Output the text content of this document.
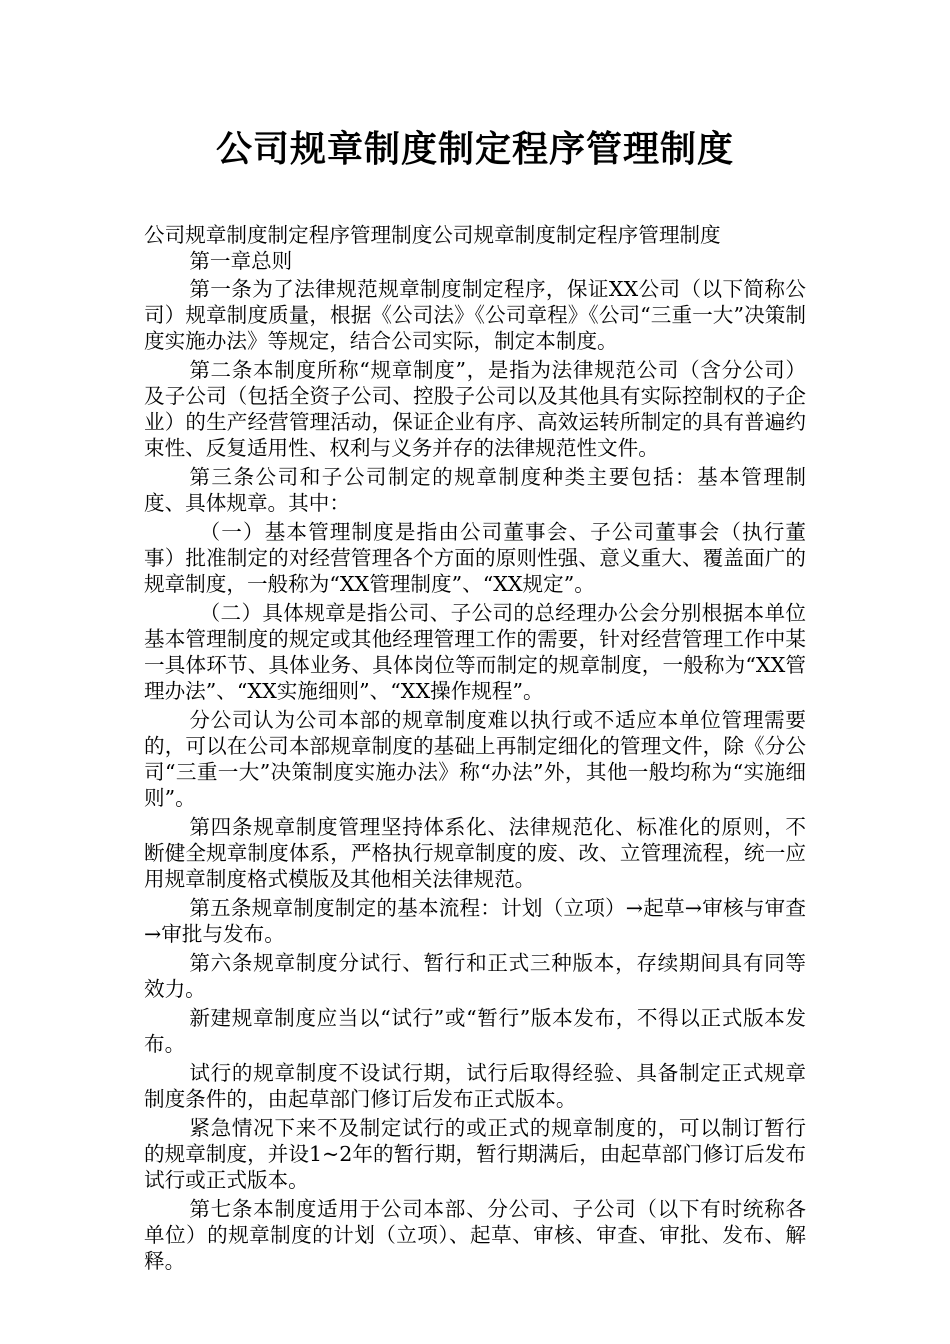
公司规章制度制定程序管理制度

公司规章制度制定程序管理制度公司规章制度制定程序管理制度

第一章总则

第一条为了法律规范规章制度制定程序，保证XX公司（以下简称公司）规章制度质量，根据《公司法》《公司章程》《公司“三重一大”决策制度实施办法》等规定，结合公司实际，制定本制度。

第二条本制度所称“规章制度”，是指为法律规范公司（含分公司）及子公司（包括全资子公司、控股子公司以及其他具有实际控制权的子企业）的生产经营管理活动，保证企业有序、高效运转所制定的具有普遍约束性、反复适用性、权利与义务并存的法律规范性文件。

第三条公司和子公司制定的规章制度种类主要包括：基本管理制度、具体规章。其中：

（一）基本管理制度是指由公司董事会、子公司董事会（执行董事）批准制定的对经营管理各个方面的原则性强、意义重大、覆盖面广的规章制度，一般称为“XX管理制度”、“XX规定”。

（二）具体规章是指公司、子公司的总经理办公会分别根据本单位基本管理制度的规定或其他经理管理工作的需要，针对经营管理工作中某一具体环节、具体业务、具体岗位等而制定的规章制度，一般称为“XX管理办法”、“XX实施细则”、“XX操作规程”。

分公司认为公司本部的规章制度难以执行或不适应本单位管理需要的，可以在公司本部规章制度的基础上再制定细化的管理文件，除《分公司“三重一大”决策制度实施办法》称“办法”外，其他一般均称为“实施细则”。

第四条规章制度管理坚持体系化、法律规范化、标准化的原则，不断健全规章制度体系，严格执行规章制度的废、改、立管理流程，统一应用规章制度格式模版及其他相关法律规范。

第五条规章制度制定的基本流程：计划（立项）→起草→审核与审查→审批与发布。

第六条规章制度分试行、暂行和正式三种版本，存续期间具有同等效力。

新建规章制度应当以“试行”或“暂行”版本发布，不得以正式版本发布。

试行的规章制度不设试行期，试行后取得经验、具备制定正式规章制度条件的，由起草部门修订后发布正式版本。

紧急情况下来不及制定试行的或正式的规章制度的，可以制订暂行的规章制度，并设1~2年的暂行期，暂行期满后，由起草部门修订后发布试行或正式版本。

第七条本制度适用于公司本部、分公司、子公司（以下有时统称各单位）的规章制度的计划（立项）、起草、审核、审查、审批、发布、解释。
